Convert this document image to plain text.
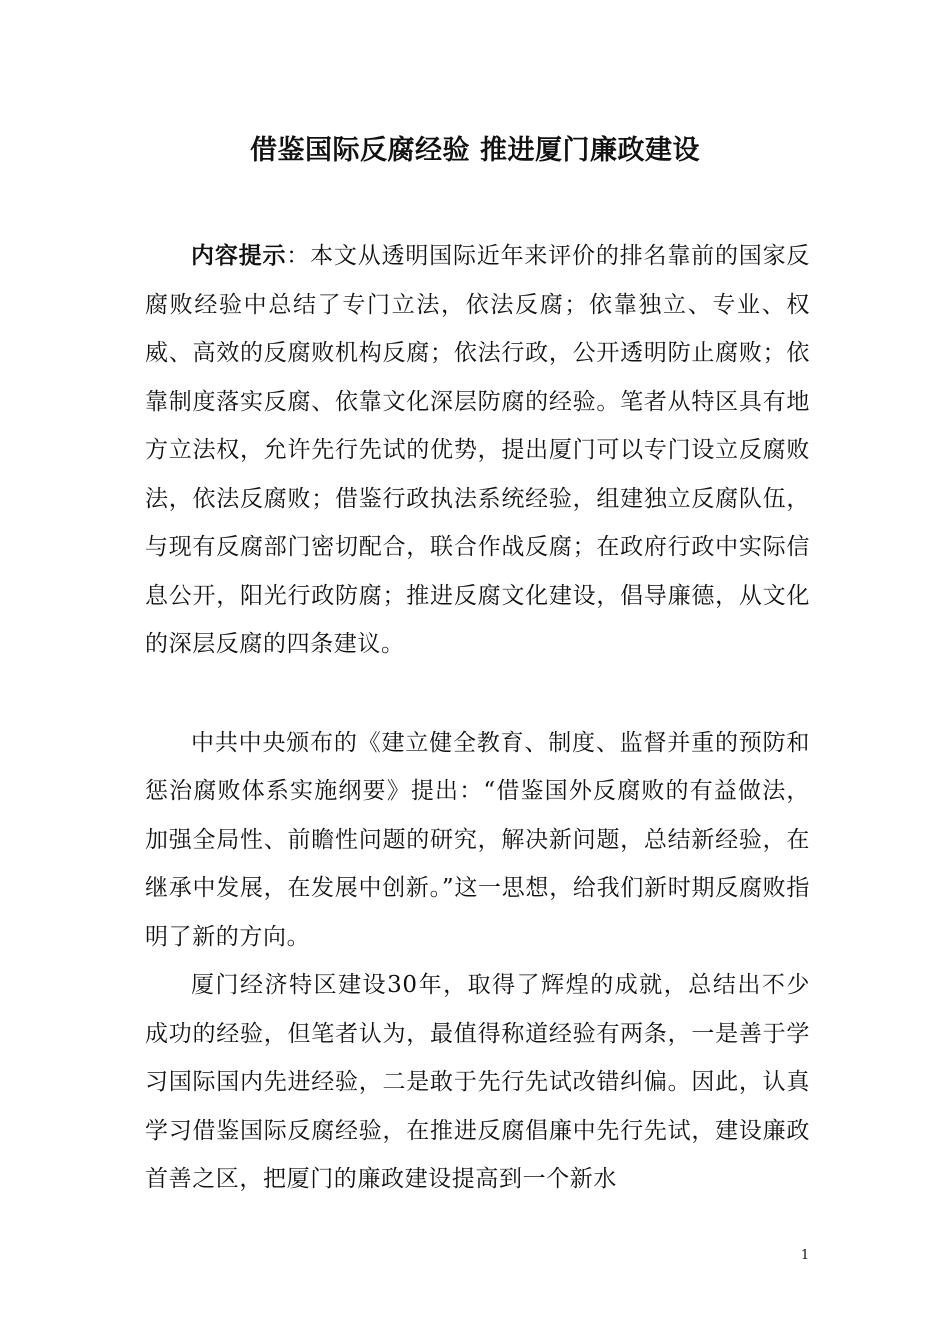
借鉴国际反腐经验 推进厦门廉政建设

内容提示：本文从透明国际近年来评价的排名靠前的国家反腐败经验中总结了专门立法，依法反腐；依靠独立、专业、权威、高效的反腐败机构反腐；依法行政，公开透明防止腐败；依靠制度落实反腐、依靠文化深层防腐的经验。笔者从特区具有地方立法权，允许先行先试的优势，提出厦门可以专门设立反腐败法，依法反腐败；借鉴行政执法系统经验，组建独立反腐队伍，与现有反腐部门密切配合，联合作战反腐；在政府行政中实际信息公开，阳光行政防腐；推进反腐文化建设，倡导廉德，从文化的深层反腐的四条建议。

中共中央颁布的《建立健全教育、制度、监督并重的预防和惩治腐败体系实施纲要》提出：“借鉴国外反腐败的有益做法，加强全局性、前瞻性问题的研究，解决新问题，总结新经验，在继承中发展，在发展中创新。”这一思想，给我们新时期反腐败指明了新的方向。

厦门经济特区建设30年，取得了辉煌的成就，总结出不少成功的经验，但笔者认为，最值得称道经验有两条，一是善于学习国际国内先进经验，二是敢于先行先试改错纠偏。因此，认真学习借鉴国际反腐经验，在推进反腐倡廉中先行先试，建设廉政首善之区，把厦门的廉政建设提高到一个新水

1
